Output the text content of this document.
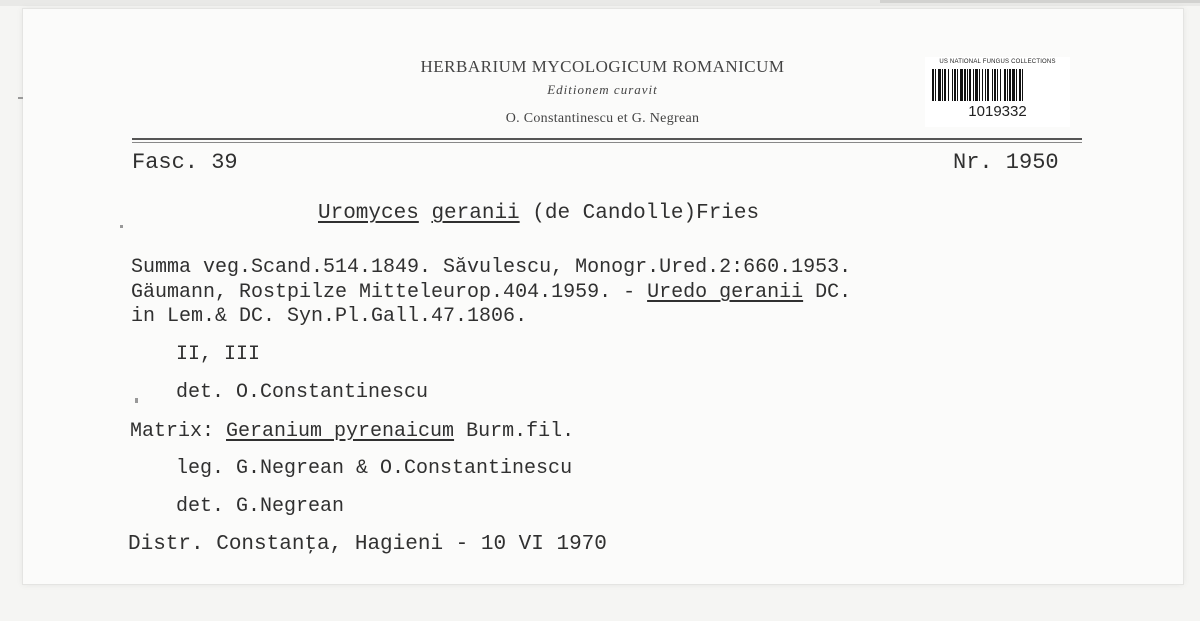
HERBARIUM MYCOLOGICUM ROMANICUM
Editionem curavit
O. Constantinescu et G. Negrean
US NATIONAL FUNGUS COLLECTIONS
1019332
Fasc. 39	Nr. 1950
Uromyces geranii (de Candolle)Fries
Summa veg.Scand.514.1849. Săvulescu, Monogr.Ured.2:660.1953.
Gäumann, Rostpilze Mitteleurop.404.1959. - Uredo geranii DC.
in Lem.& DC. Syn.Pl.Gall.47.1806.
II, III
det. O.Constantinescu
Matrix: Geranium pyrenaicum Burm.fil.
leg. G.Negrean & O.Constantinescu
det. G.Negrean
Distr. Constanţa, Hagieni - 10 VI 1970
